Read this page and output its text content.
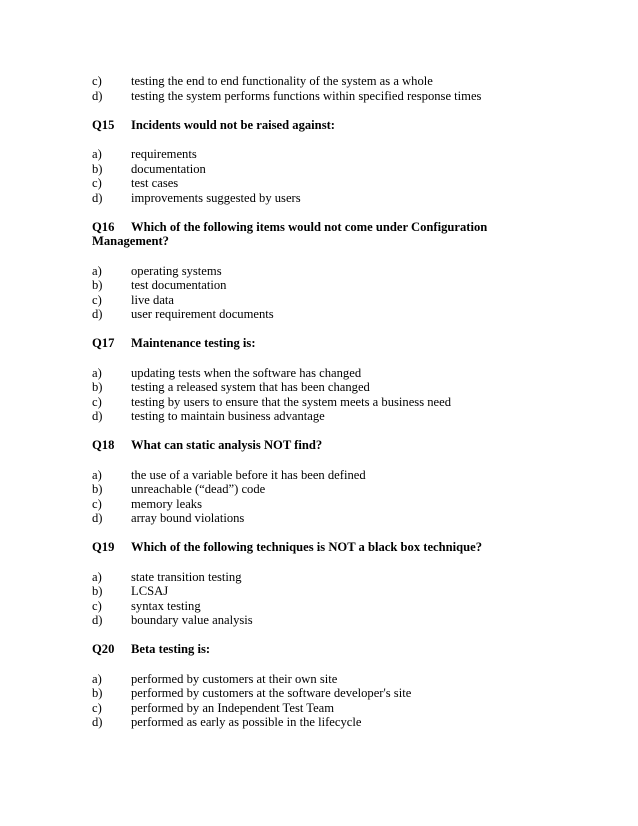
c)	testing the end to end functionality of the system as a whole
d)	testing the system performs functions within specified response times
Q15	Incidents would not be raised against:
a)	requirements
b)	documentation
c)	test cases
d)	improvements suggested by users
Q16 Which of the following items would not come under Configuration Management?
a)	operating systems
b)	test documentation
c)	live data
d)	user requirement documents
Q17	Maintenance testing is:
a)	updating tests when the software has changed
b)	testing a released system that has been changed
c)	testing by users to ensure that the system meets a business need
d)	testing to maintain business advantage
Q18	What can static analysis NOT find?
a)	the use of a variable before it has been defined
b)	unreachable (“dead”) code
c)	memory leaks
d)	array bound violations
Q19	Which of the following techniques is NOT a black box technique?
a)	state transition testing
b)	LCSAJ
c)	syntax testing
d)	boundary value analysis
Q20	Beta testing is:
a)	performed by customers at their own site
b)	performed by customers at the software developer's site
c)	performed by an Independent Test Team
d)	performed as early as possible in the lifecycle
